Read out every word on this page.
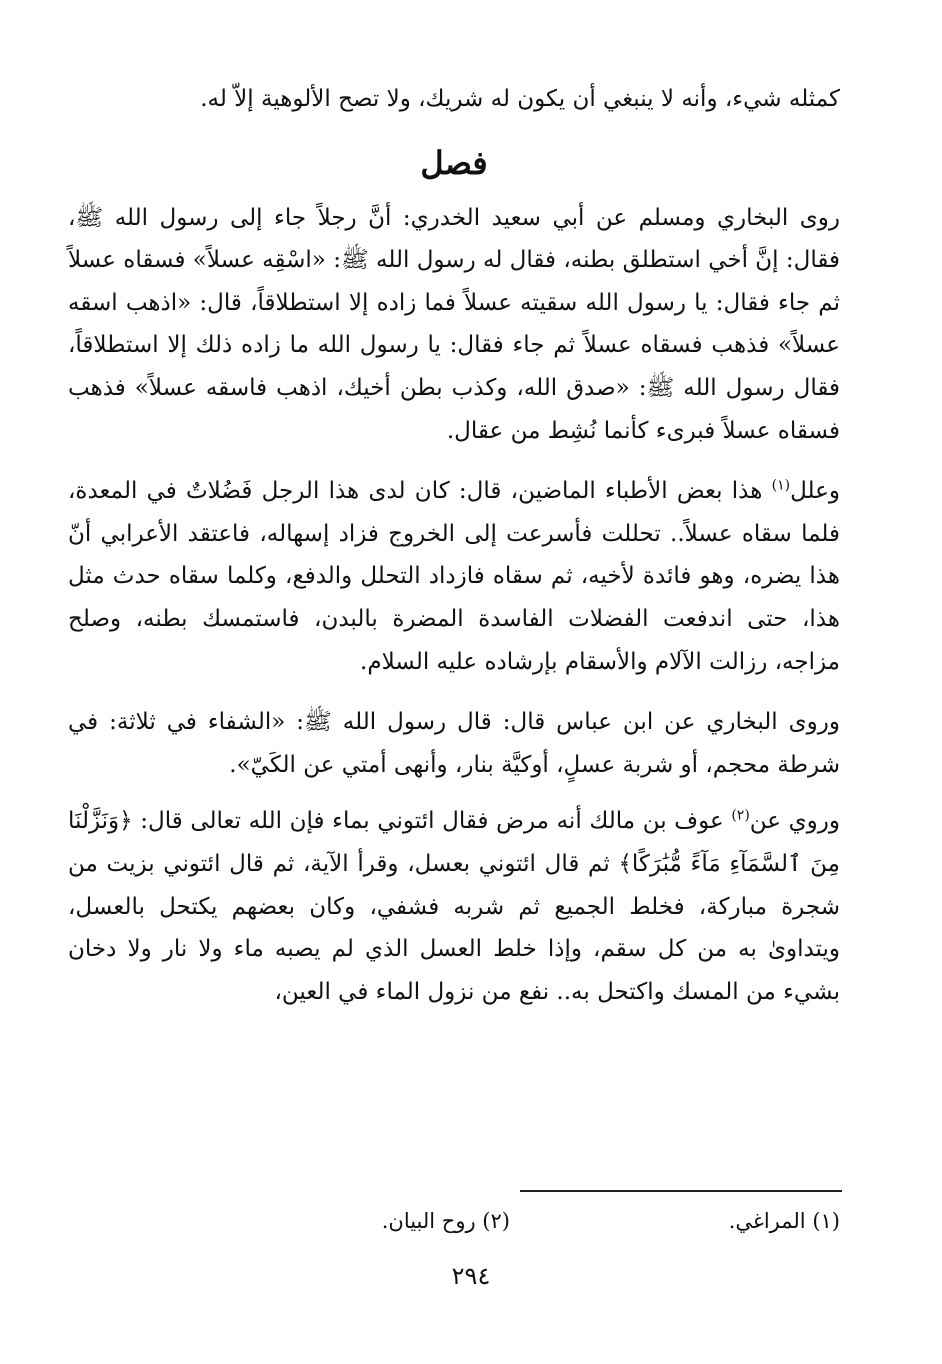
كمثله شيء، وأنه لا ينبغي أن يكون له شريك، ولا تصح الألوهية إلاّ له.

فصل

روى البخاري ومسلم عن أبي سعيد الخدري: أنَّ رجلاً جاء إلى رسول الله ﷺ، فقال: إنَّ أخي استطلق بطنه، فقال له رسول الله ﷺ: «اسْقِه عسلاً» فسقاه عسلاً ثم جاء فقال: يا رسول الله سقيته عسلاً فما زاده إلا استطلاقاً، قال: «اذهب اسقه عسلاً» فذهب فسقاه عسلاً ثم جاء فقال: يا رسول الله ما زاده ذلك إلا استطلاقاً، فقال رسول الله ﷺ: «صدق الله، وكذب بطن أخيك، اذهب فاسقه عسلاً» فذهب فسقاه عسلاً فبرىء كأنما نُشِط من عقال.

وعلل$^{(١)}$ هذا بعض الأطباء الماضين، قال: كان لدى هذا الرجل فَضُلاتٌ في المعدة، فلما سقاه عسلاً.. تحللت فأسرعت إلى الخروج فزاد إسهاله، فاعتقد الأعرابي أنّ هذا يضره، وهو فائدة لأخيه، ثم سقاه فازداد التحلل والدفع، وكلما سقاه حدث مثل هذا، حتى اندفعت الفضلات الفاسدة المضرة بالبدن، فاستمسك بطنه، وصلح مزاجه، رزالت الآلام والأسقام بإرشاده عليه السلام.

وروى البخاري عن ابن عباس قال: قال رسول الله ﷺ: «الشفاء في ثلاثة: في شرطة محجم، أو شربة عسلٍ، أوكيَّة بنار، وأنهى أمتي عن الكَيّ».

وروي عن$^{(٢)}$ عوف بن مالك أنه مرض فقال ائتوني بماء فإن الله تعالى قال: ﴿وَنَزَّلْنَا مِنَ ٱلسَّمَآءِ مَآءً مُّبَٰرَكًا﴾ ثم قال ائتوني بعسل، وقرأ الآية، ثم قال ائتوني بزيت من شجرة مباركة، فخلط الجميع ثم شربه فشفي، وكان بعضهم يكتحل بالعسل، ويتداوىٰ به من كل سقم، وإذا خلط العسل الذي لم يصبه ماء ولا نار ولا دخان بشيء من المسك واكتحل به.. نفع من نزول الماء في العين،

(١) المراغي.
(٢) روح البيان.
٢٩٤
